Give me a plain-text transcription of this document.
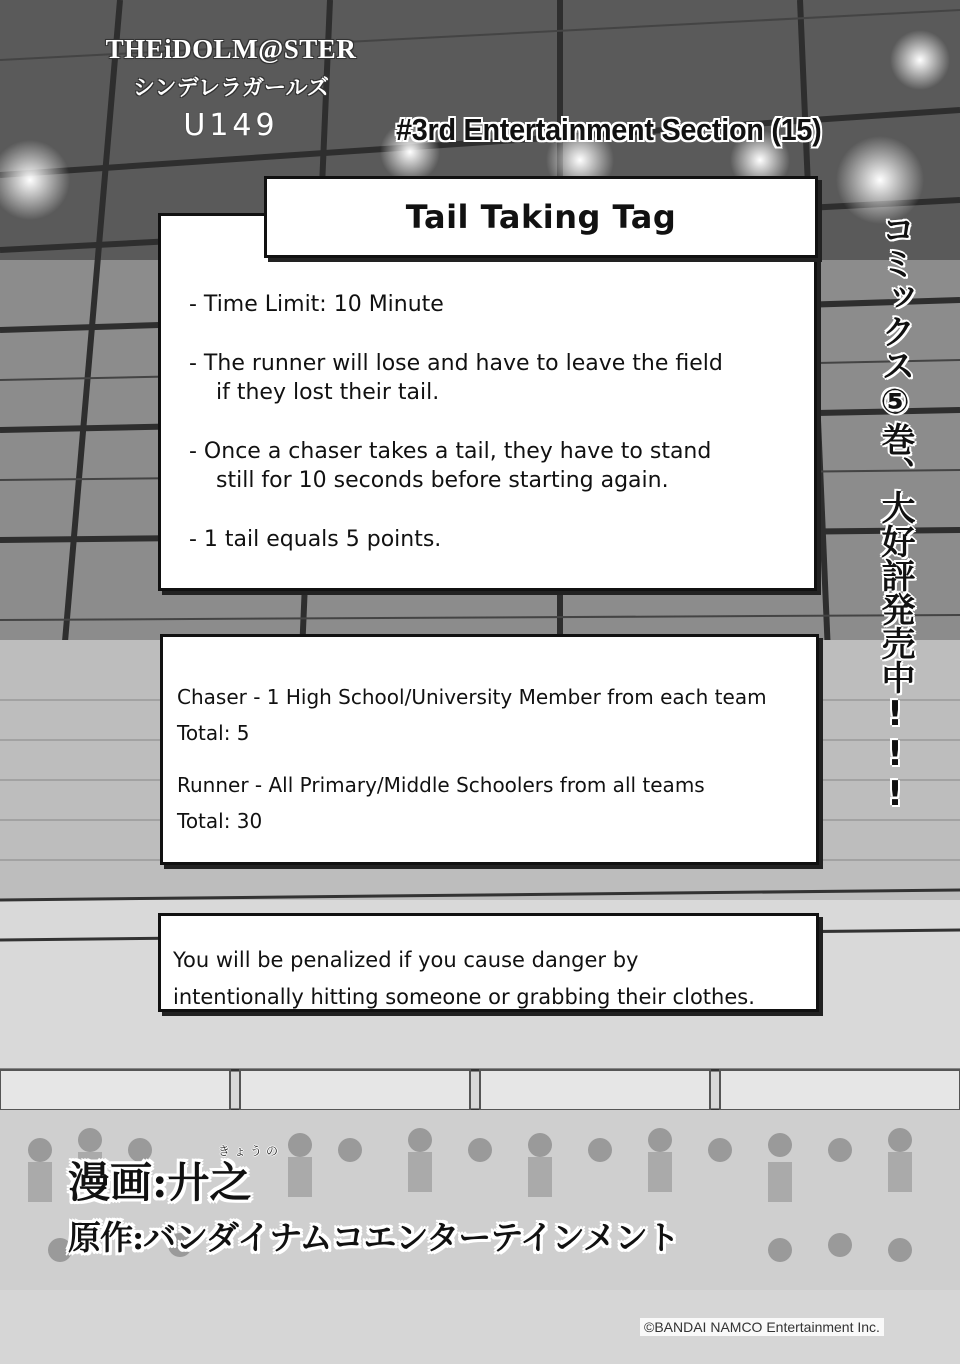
THEiDOLM@STER
シンデレラガールズ
U149	#3rd Entertainment Section (15)
コミックス⑤巻、大好評発売中!!!
- Time Limit: 10 Minute
- The runner will lose and have to leave the field
if they lost their tail.
- Once a chaser takes a tail, they have to stand
still for 10 seconds before starting again.
- 1 tail equals 5 points.
Tail Taking Tag

Chaser - 1 High School/University Member from each team

Total: 5

Runner - All Primary/Middle Schoolers from all teams

Total: 30

You will be penalized if you cause danger by
intentionally hitting someone or grabbing their clothes.
きょうの
漫画:廾之
原作:バンダイナムコエンターテインメント
©BANDAI NAMCO Entertainment Inc.
